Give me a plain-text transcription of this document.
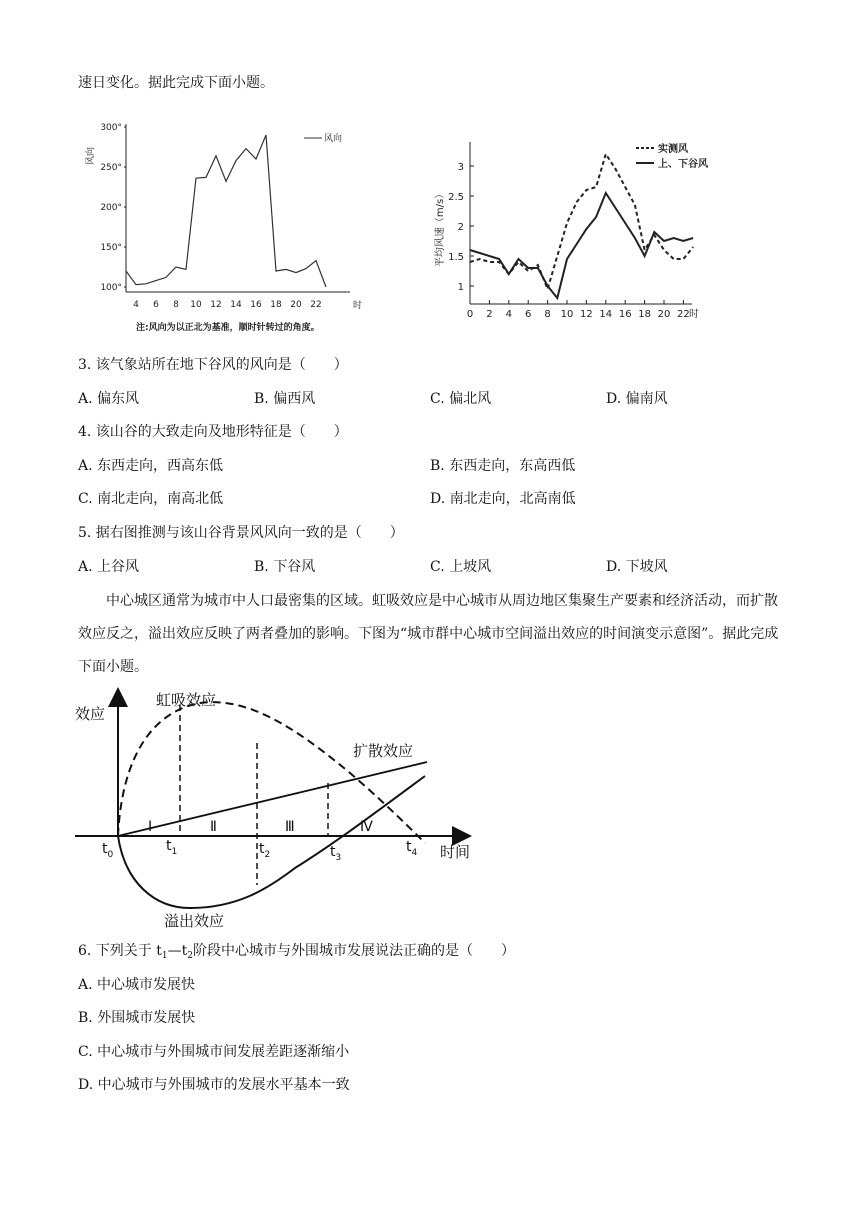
速日变化。据此完成下面小题。
风向
100°
150°
200°
250°
300°
4 6 8 10 12 14 16 18 20 22
风向
时
注:风向为以正北为基准，顺时针转过的角度。
平均风速（m/s）
1
1.5
2
2.5
3
0 2 4 6 8 10 12 14 16 18 20 22
实测风
上、下谷风
时
3. 该气象站所在地下谷风的风向是（　　）
A. 偏东风	B. 偏西风	C. 偏北风	D. 偏南风
4. 该山谷的大致走向及地形特征是（　　）
A. 东西走向，西高东低	B. 东西走向，东高西低
C. 南北走向，南高北低	D. 南北走向，北高南低
5. 据右图推测与该山谷背景风风向一致的是（　　）
A. 上谷风	B. 下谷风	C. 上坡风	D. 下坡风
中心城区通常为城市中人口最密集的区域。虹吸效应是中心城市从周边地区集聚生产要素和经济活动，而扩散效应反之，溢出效应反映了两者叠加的影响。下图为“城市群中心城市空间溢出效应的时间演变示意图”。据此完成下面小题。
效应
时间
虹吸效应
扩散效应
溢出效应
Ⅰ	Ⅱ	Ⅲ	Ⅳ
$t_0$
$t_1$	$t_2$	$t_3$
$t_4$
6. 下列关于 $t_1—t_2$阶段中心城市与外围城市发展说法正确的是（　　）
A. 中心城市发展快
B. 外围城市发展快
C. 中心城市与外围城市间发展差距逐渐缩小
D. 中心城市与外围城市的发展水平基本一致
